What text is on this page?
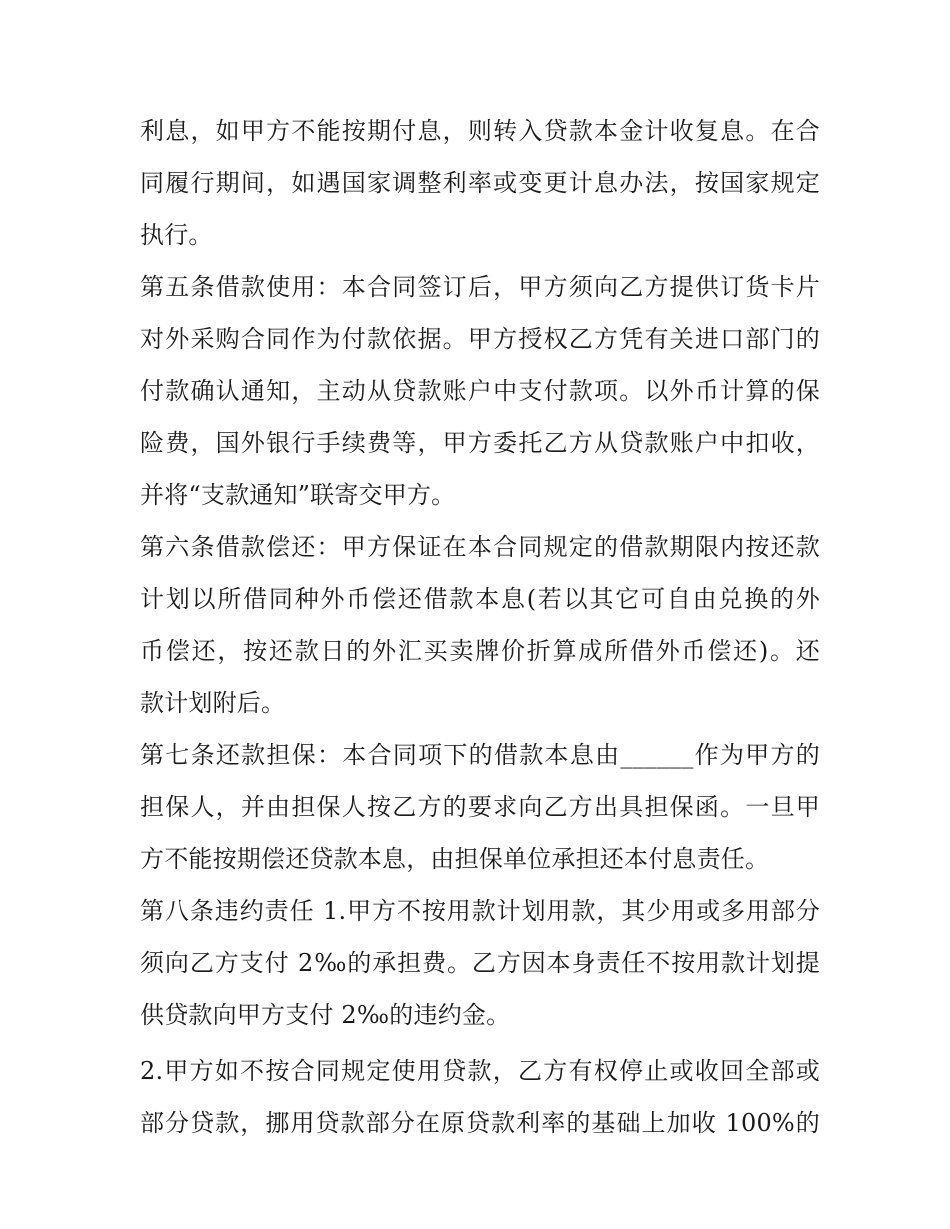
利息，如甲方不能按期付息，则转入贷款本金计收复息。在合
同履行期间，如遇国家调整利率或变更计息办法，按国家规定
执行。
第五条借款使用：本合同签订后，甲方须向乙方提供订货卡片
对外采购合同作为付款依据。甲方授权乙方凭有关进口部门的
付款确认通知，主动从贷款账户中支付款项。以外币计算的保
险费，国外银行手续费等，甲方委托乙方从贷款账户中扣收，
并将“支款通知”联寄交甲方。
第六条借款偿还：甲方保证在本合同规定的借款期限内按还款
计划以所借同种外币偿还借款本息(若以其它可自由兑换的外
币偿还，按还款日的外汇买卖牌价折算成所借外币偿还)。还
款计划附后。
第七条还款担保：本合同项下的借款本息由______作为甲方的
担保人，并由担保人按乙方的要求向乙方出具担保函。一旦甲
方不能按期偿还贷款本息，由担保单位承担还本付息责任。
第八条违约责任 1.甲方不按用款计划用款，其少用或多用部分
须向乙方支付 2‰的承担费。乙方因本身责任不按用款计划提
供贷款向甲方支付 2‰的违约金。
2.甲方如不按合同规定使用贷款，乙方有权停止或收回全部或
部分贷款，挪用贷款部分在原贷款利率的基础上加收 100%的
